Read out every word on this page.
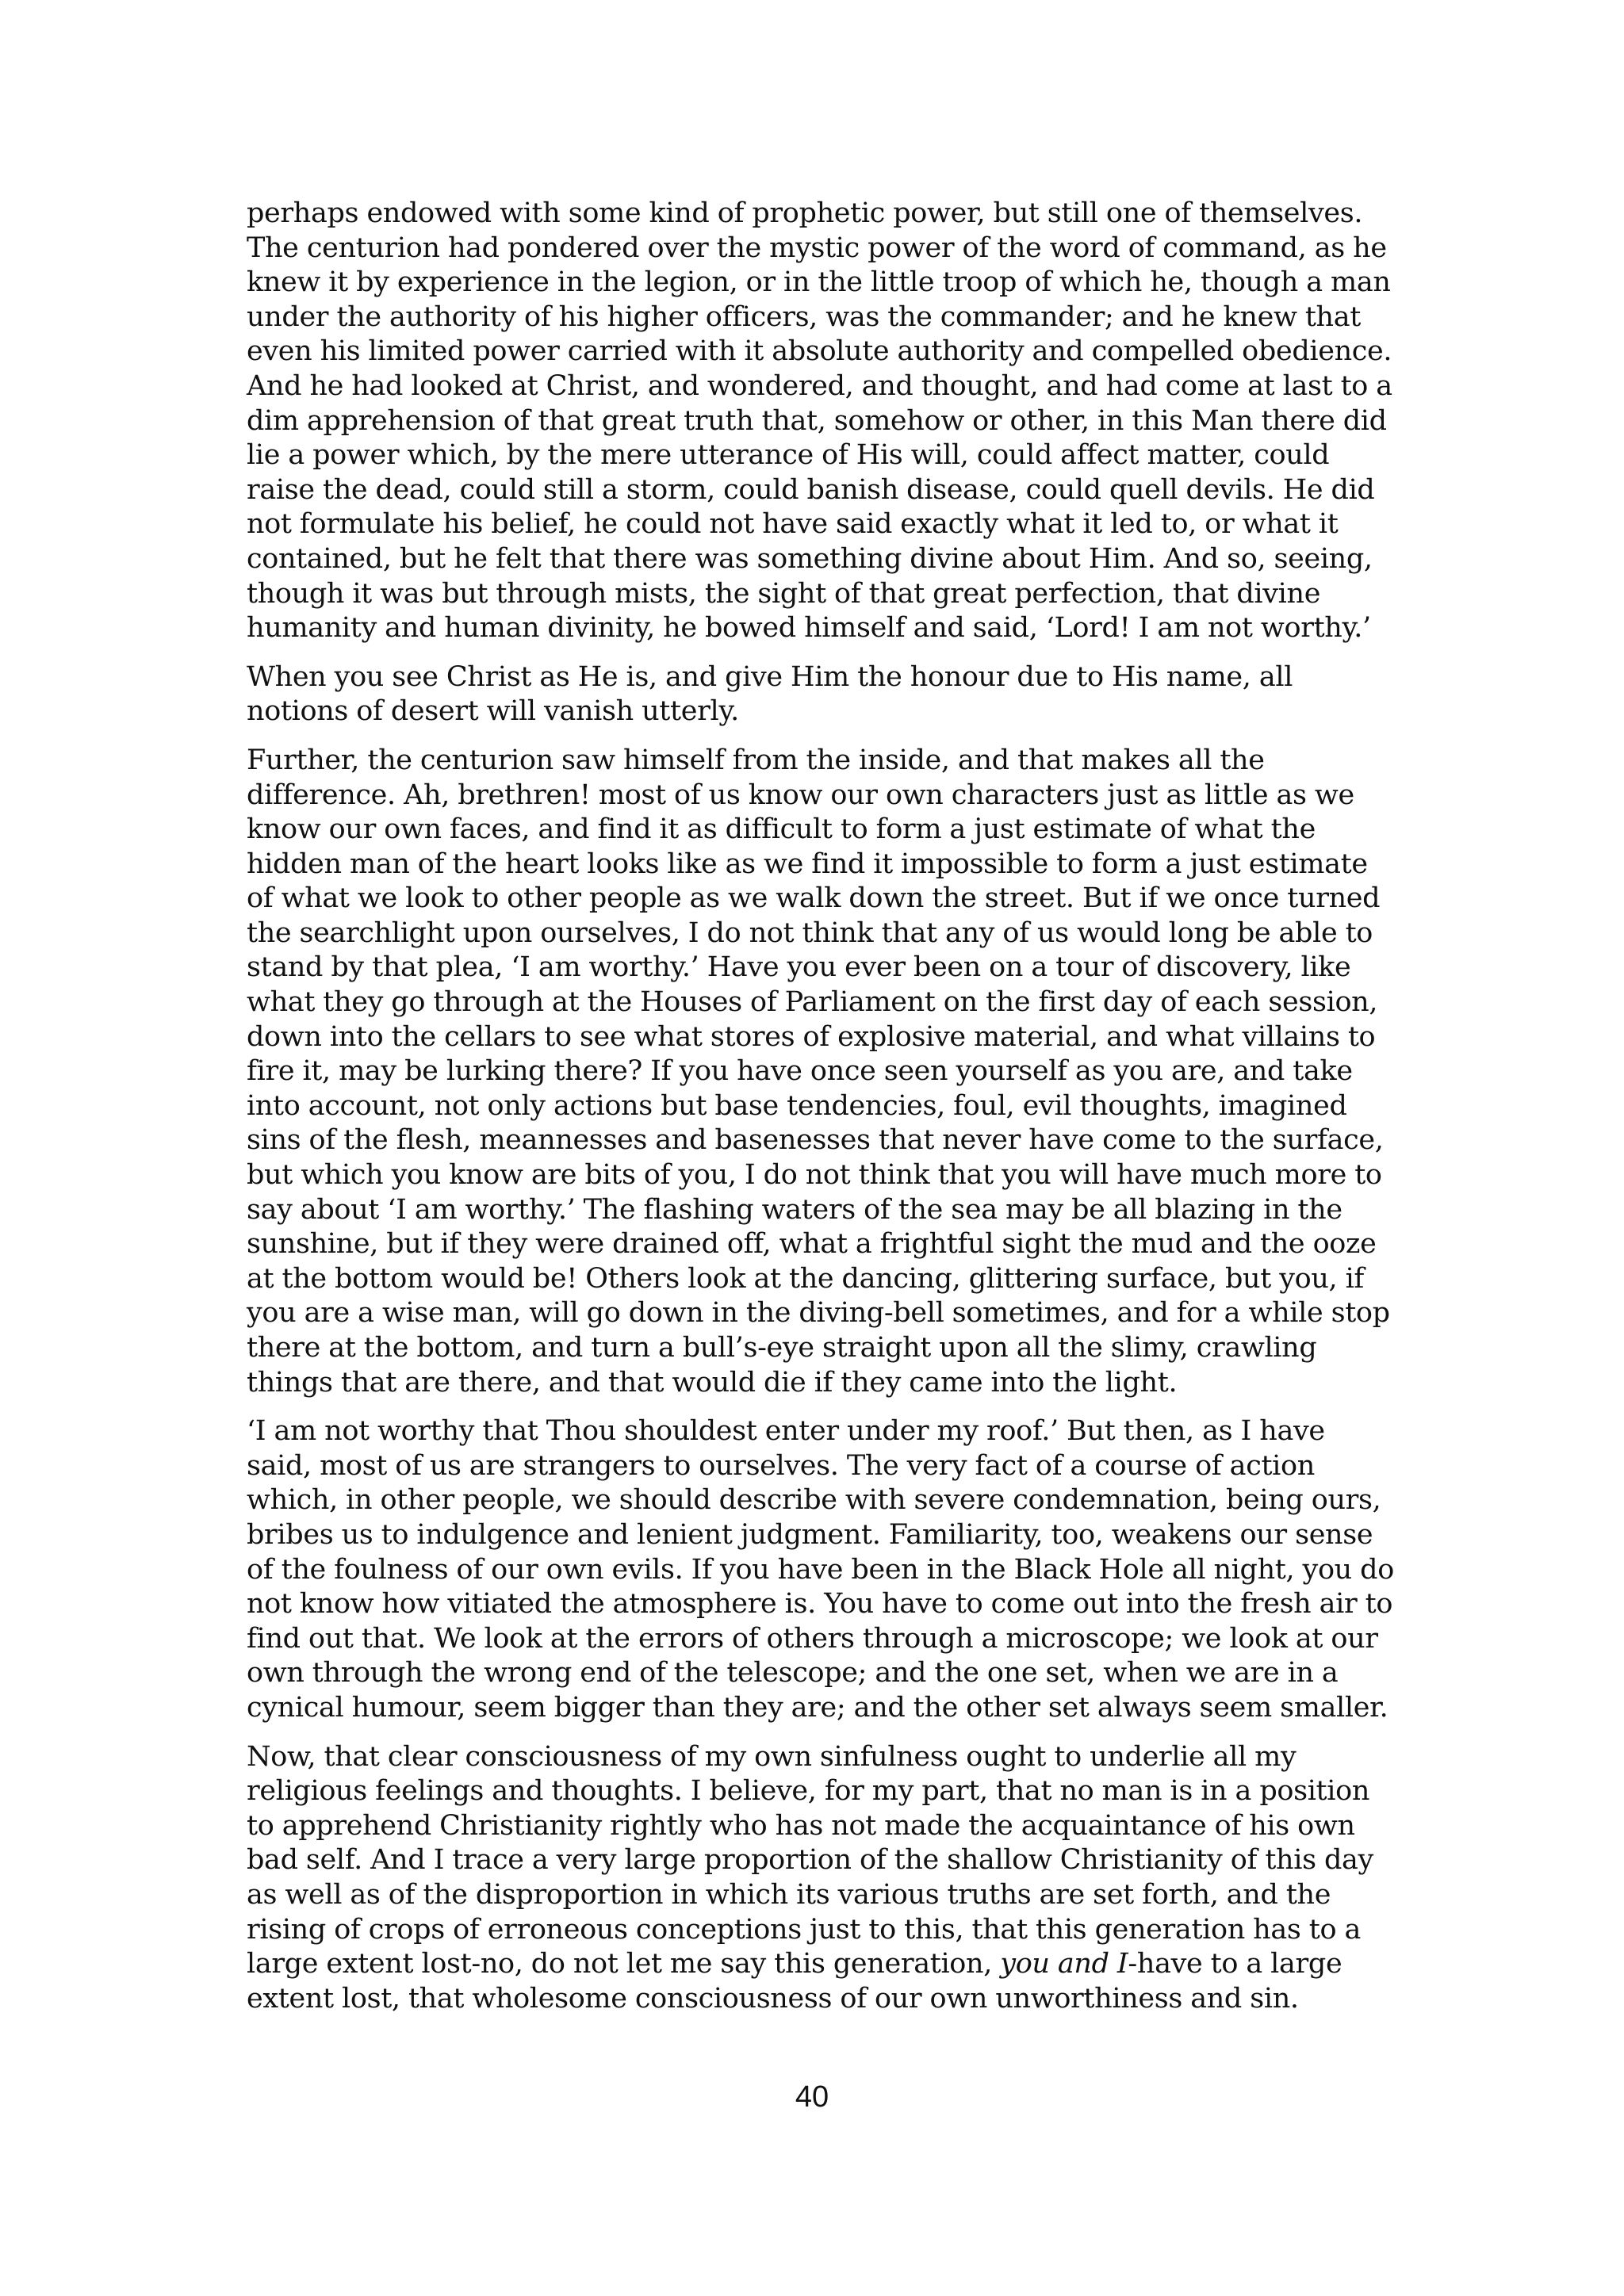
perhaps endowed with some kind of prophetic power, but still one of themselves. The centurion had pondered over the mystic power of the word of command, as he knew it by experience in the legion, or in the little troop of which he, though a man under the authority of his higher officers, was the commander; and he knew that even his limited power carried with it absolute authority and compelled obedience. And he had looked at Christ, and wondered, and thought, and had come at last to a dim apprehension of that great truth that, somehow or other, in this Man there did lie a power which, by the mere utterance of His will, could affect matter, could raise the dead, could still a storm, could banish disease, could quell devils. He did not formulate his belief, he could not have said exactly what it led to, or what it contained, but he felt that there was something divine about Him. And so, seeing, though it was but through mists, the sight of that great perfection, that divine humanity and human divinity, he bowed himself and said, ‘Lord! I am not worthy.’

When you see Christ as He is, and give Him the honour due to His name, all notions of desert will vanish utterly.

Further, the centurion saw himself from the inside, and that makes all the difference. Ah, brethren! most of us know our own characters just as little as we know our own faces, and find it as difficult to form a just estimate of what the hidden man of the heart looks like as we find it impossible to form a just estimate of what we look to other people as we walk down the street. But if we once turned the searchlight upon ourselves, I do not think that any of us would long be able to stand by that plea, ‘I am worthy.’ Have you ever been on a tour of discovery, like what they go through at the Houses of Parliament on the first day of each session, down into the cellars to see what stores of explosive material, and what villains to fire it, may be lurking there? If you have once seen yourself as you are, and take into account, not only actions but base tendencies, foul, evil thoughts, imagined sins of the flesh, meannesses and basenesses that never have come to the surface, but which you know are bits of you, I do not think that you will have much more to say about ‘I am worthy.’ The flashing waters of the sea may be all blazing in the sunshine, but if they were drained off, what a frightful sight the mud and the ooze at the bottom would be! Others look at the dancing, glittering surface, but you, if you are a wise man, will go down in the diving-bell sometimes, and for a while stop there at the bottom, and turn a bull’s-eye straight upon all the slimy, crawling things that are there, and that would die if they came into the light.

‘I am not worthy that Thou shouldest enter under my roof.’ But then, as I have said, most of us are strangers to ourselves. The very fact of a course of action which, in other people, we should describe with severe condemnation, being ours, bribes us to indulgence and lenient judgment. Familiarity, too, weakens our sense of the foulness of our own evils. If you have been in the Black Hole all night, you do not know how vitiated the atmosphere is. You have to come out into the fresh air to find out that. We look at the errors of others through a microscope; we look at our own through the wrong end of the telescope; and the one set, when we are in a cynical humour, seem bigger than they are; and the other set always seem smaller.

Now, that clear consciousness of my own sinfulness ought to underlie all my religious feelings and thoughts. I believe, for my part, that no man is in a position to apprehend Christianity rightly who has not made the acquaintance of his own bad self. And I trace a very large proportion of the shallow Christianity of this day as well as of the disproportion in which its various truths are set forth, and the rising of crops of erroneous conceptions just to this, that this generation has to a large extent lost-no, do not let me say this generation, you and I-have to a large extent lost, that wholesome consciousness of our own unworthiness and sin.

40
